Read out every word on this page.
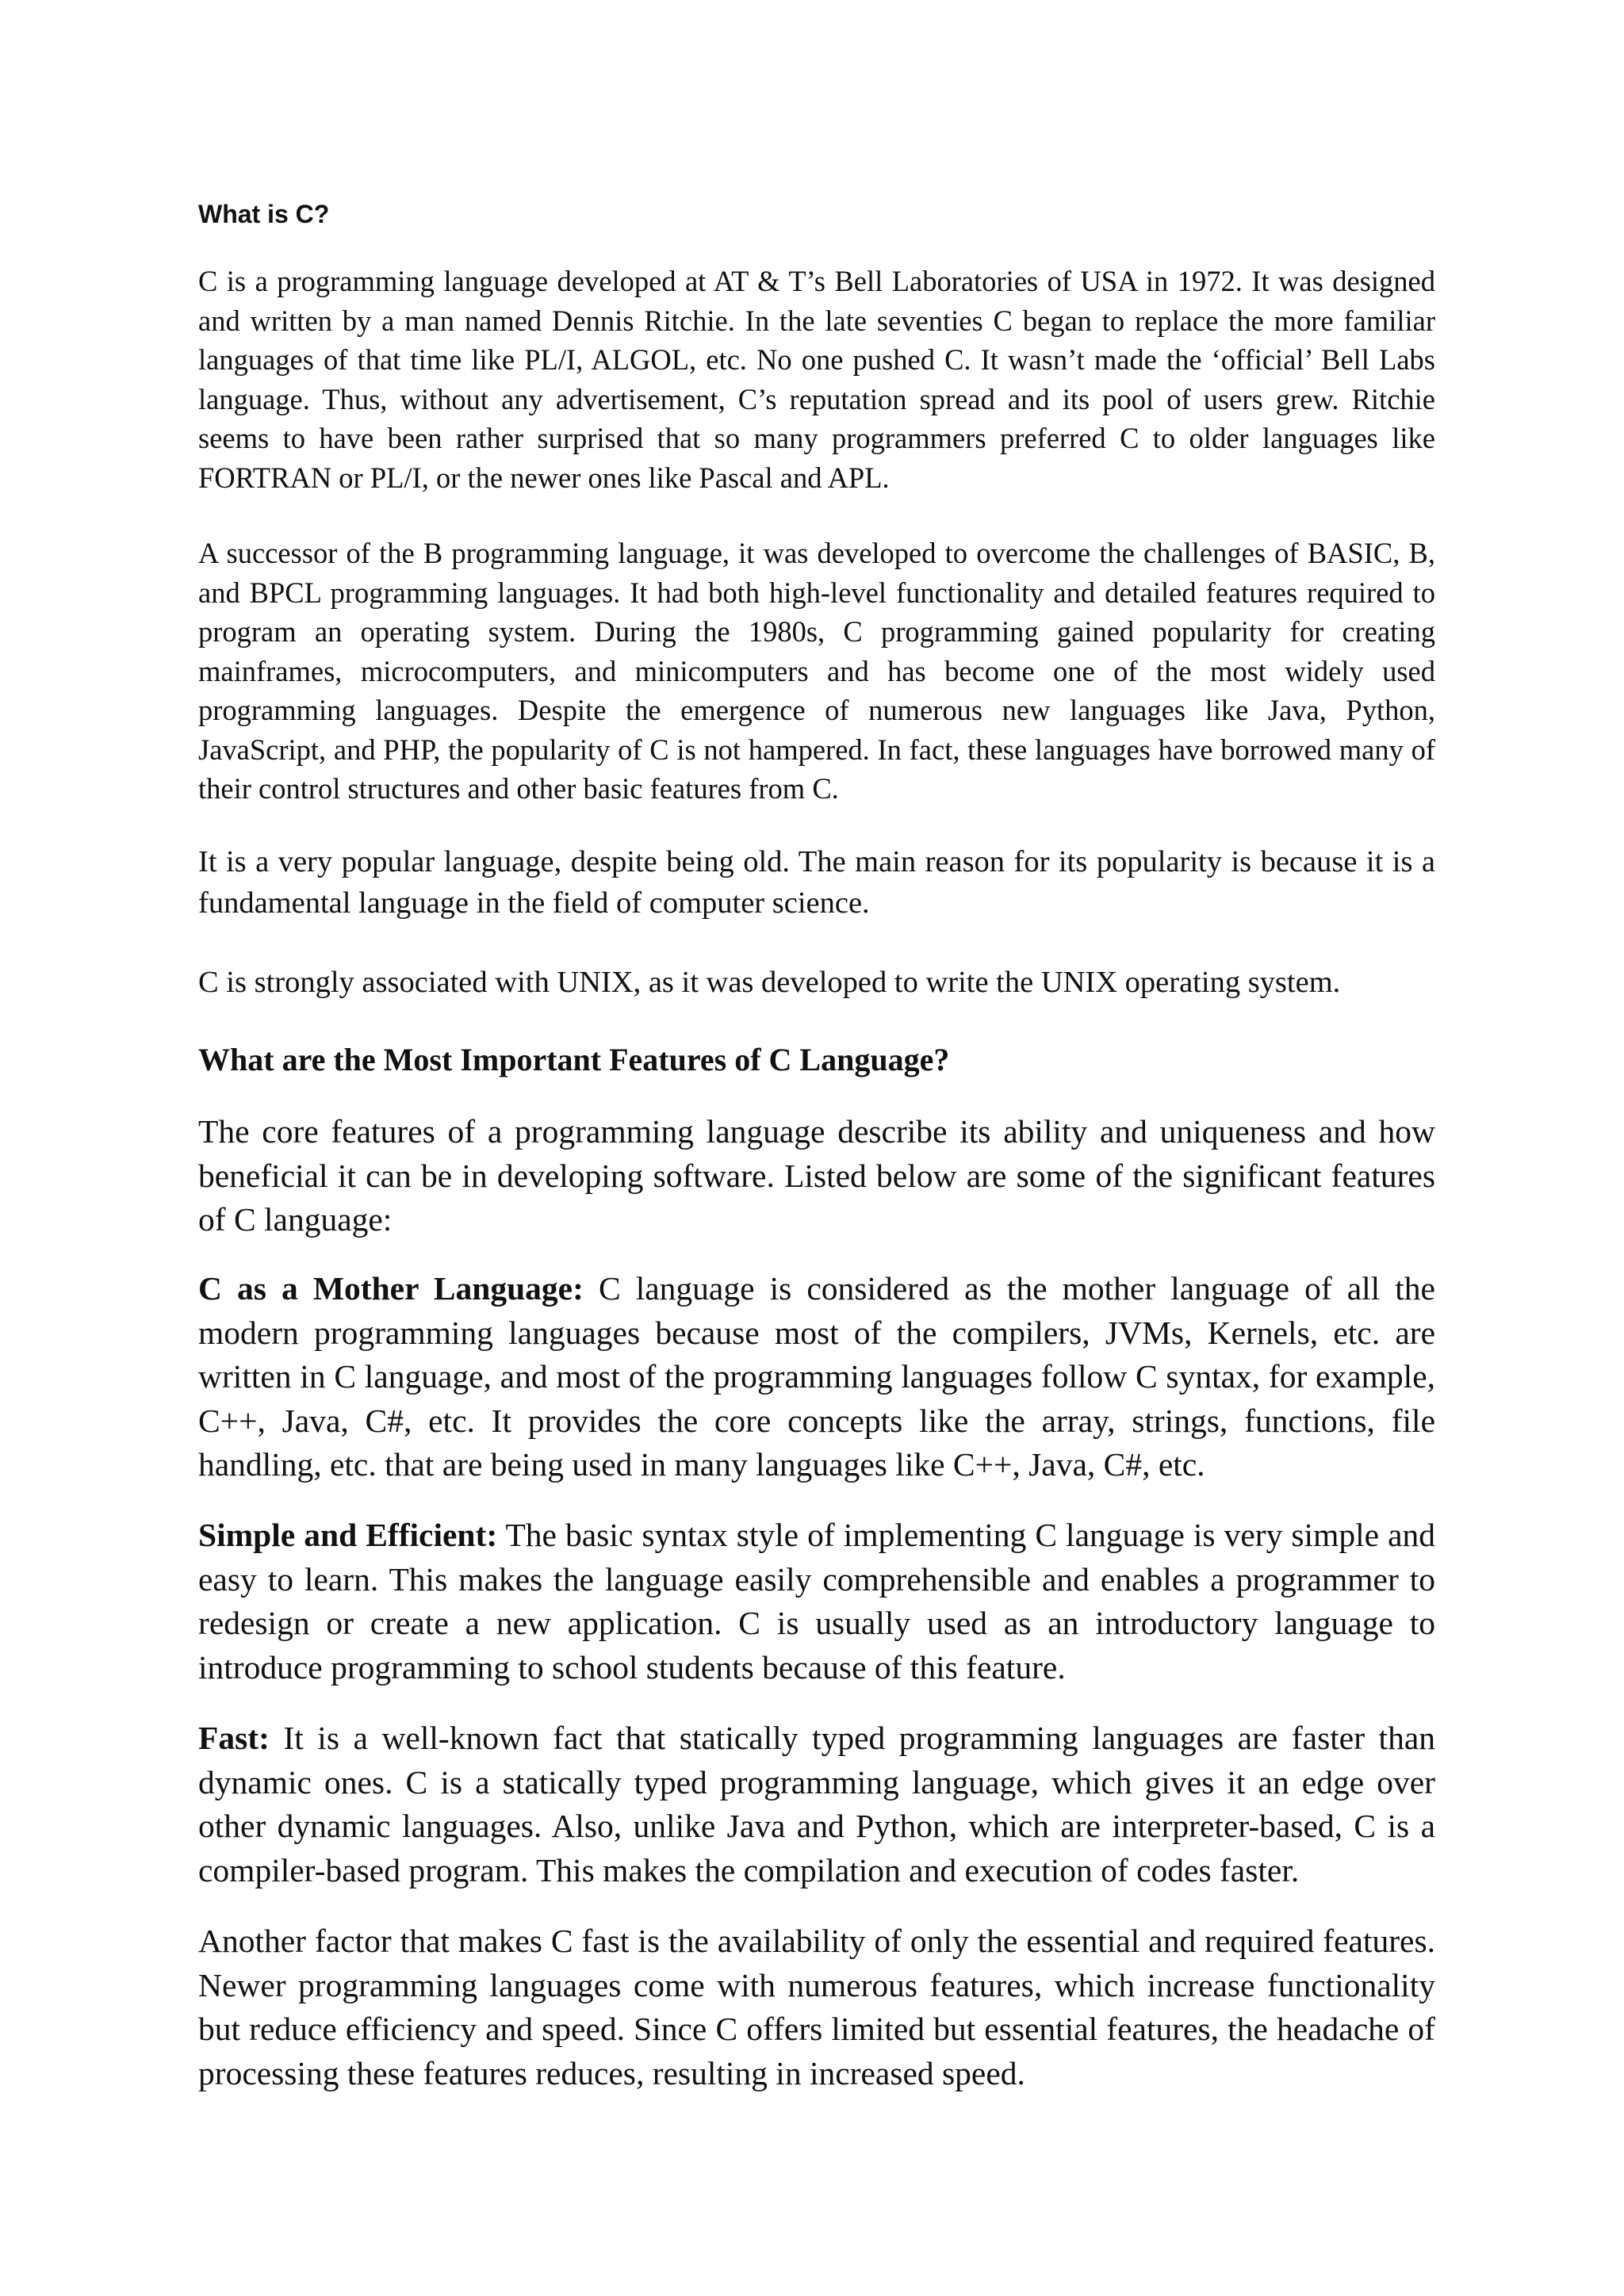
What is C?

C is a programming language developed at AT & T’s Bell Laboratories of USA in 1972. It was designed and written by a man named Dennis Ritchie. In the late seventies C began to replace the more familiar languages of that time like PL/I, ALGOL, etc. No one pushed C. It wasn’t made the ‘official’ Bell Labs language. Thus, without any advertisement, C’s reputation spread and its pool of users grew. Ritchie seems to have been rather surprised that so many programmers preferred C to older languages like FORTRAN or PL/I, or the newer ones like Pascal and APL.

A successor of the B programming language, it was developed to overcome the challenges of BASIC, B, and BPCL programming languages. It had both high-level functionality and detailed features required to program an operating system. During the 1980s, C programming gained popularity for creating mainframes, microcomputers, and minicomputers and has become one of the most widely used programming languages. Despite the emergence of numerous new languages like Java, Python, JavaScript, and PHP, the popularity of C is not hampered. In fact, these languages have borrowed many of their control structures and other basic features from C.

It is a very popular language, despite being old. The main reason for its popularity is because it is a fundamental language in the field of computer science.

C is strongly associated with UNIX, as it was developed to write the UNIX operating system.

What are the Most Important Features of C Language?

The core features of a programming language describe its ability and uniqueness and how beneficial it can be in developing software. Listed below are some of the significant features of C language:

C as a Mother Language: C language is considered as the mother language of all the modern programming languages because most of the compilers, JVMs, Kernels, etc. are written in C language, and most of the programming languages follow C syntax, for example, C++, Java, C#, etc. It provides the core concepts like the array, strings, functions, file handling, etc. that are being used in many languages like C++, Java, C#, etc.

Simple and Efficient: The basic syntax style of implementing C language is very simple and easy to learn. This makes the language easily comprehensible and enables a programmer to redesign or create a new application. C is usually used as an introductory language to introduce programming to school students because of this feature.

Fast: It is a well-known fact that statically typed programming languages are faster than dynamic ones. C is a statically typed programming language, which gives it an edge over other dynamic languages. Also, unlike Java and Python, which are interpreter-based, C is a compiler-based program. This makes the compilation and execution of codes faster.

Another factor that makes C fast is the availability of only the essential and required features. Newer programming languages come with numerous features, which increase functionality but reduce efficiency and speed. Since C offers limited but essential features, the headache of processing these features reduces, resulting in increased speed.
